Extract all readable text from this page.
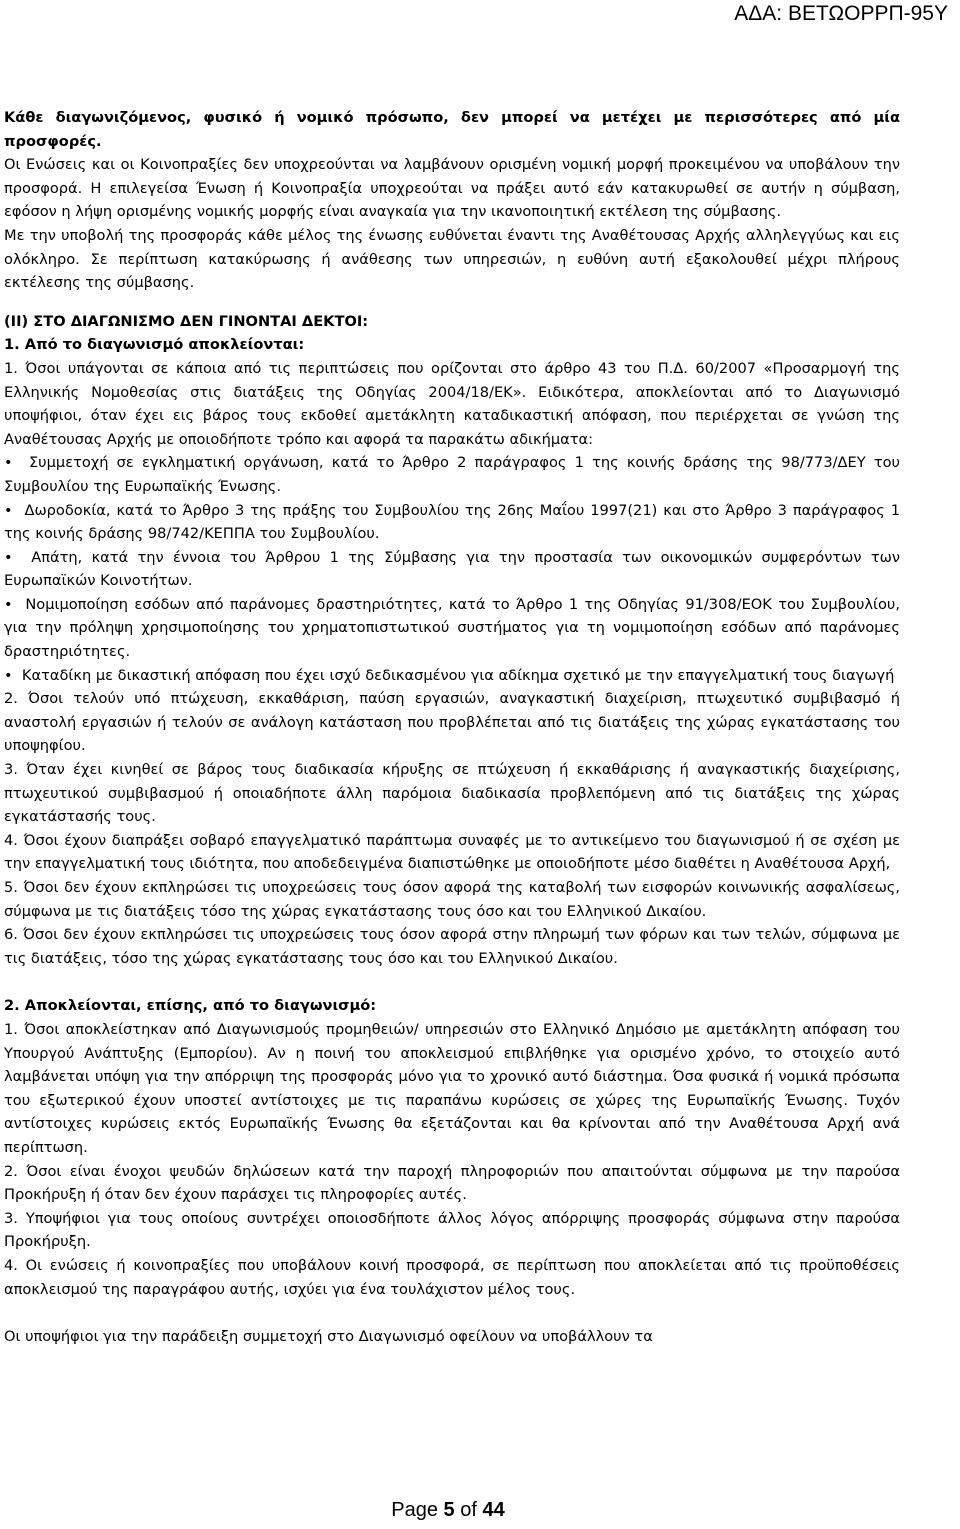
ΑΔΑ: ΒΕΤΩΟΡΡΠ-95Υ

Κάθε διαγωνιζόμενος, φυσικό ή νομικό πρόσωπο, δεν μπορεί να μετέχει με περισσότερες από μία προσφορές.

Οι Ενώσεις και οι Κοινοπραξίες δεν υποχρεούνται να λαμβάνουν ορισμένη νομική μορφή προκειμένου να υποβάλουν την προσφορά. Η επιλεγείσα Ένωση ή Κοινοπραξία υποχρεούται να πράξει αυτό εάν κατακυρωθεί σε αυτήν η σύμβαση, εφόσον η λήψη ορισμένης νομικής μορφής είναι αναγκαία για την ικανοποιητική εκτέλεση της σύμβασης.

Με την υποβολή της προσφοράς κάθε μέλος της ένωσης ευθύνεται έναντι της Αναθέτουσας Αρχής αλληλεγγύως και εις ολόκληρο. Σε περίπτωση κατακύρωσης ή ανάθεσης των υπηρεσιών, η ευθύνη αυτή εξακολουθεί μέχρι πλήρους εκτέλεσης της σύμβασης.

(ΙΙ) ΣΤΟ ΔΙΑΓΩΝΙΣΜΟ ΔΕΝ ΓΙΝΟΝΤΑΙ ΔΕΚΤΟΙ:

1. Από το διαγωνισμό αποκλείονται:

1. Όσοι υπάγονται σε κάποια από τις περιπτώσεις που ορίζονται στο άρθρο 43 του Π.Δ. 60/2007 «Προσαρμογή της Ελληνικής Νομοθεσίας στις διατάξεις της Οδηγίας 2004/18/ΕΚ». Ειδικότερα, αποκλείονται από το Διαγωνισμό υποψήφιοι, όταν έχει εις βάρος τους εκδοθεί αμετάκλητη καταδικαστική απόφαση, που περιέρχεται σε γνώση της Αναθέτουσας Αρχής με οποιοδήποτε τρόπο και αφορά τα παρακάτω αδικήματα:

•  Συμμετοχή σε εγκληματική οργάνωση, κατά το Άρθρο 2 παράγραφος 1 της κοινής δράσης της 98/773/ΔΕΥ του Συμβουλίου της Ευρωπαϊκής Ένωσης.

•  Δωροδοκία, κατά το Άρθρο 3 της πράξης του Συμβουλίου της 26ης Μαΐου 1997(21) και στο Άρθρο 3 παράγραφος 1 της κοινής δράσης 98/742/ΚΕΠΠΑ του Συμβουλίου.

•  Απάτη, κατά την έννοια του Άρθρου 1 της Σύμβασης για την προστασία των οικονομικών συμφερόντων των Ευρωπαϊκών Κοινοτήτων.

•  Νομιμοποίηση εσόδων από παράνομες δραστηριότητες, κατά το Άρθρο 1 της Οδηγίας 91/308/ΕΟΚ του Συμβουλίου, για την πρόληψη χρησιμοποίησης του χρηματοπιστωτικού συστήματος για τη νομιμοποίηση εσόδων από παράνομες δραστηριότητες.

•  Καταδίκη με δικαστική απόφαση που έχει ισχύ δεδικασμένου για αδίκημα σχετικό με την επαγγελματική τους διαγωγή

2. Όσοι τελούν υπό πτώχευση, εκκαθάριση, παύση εργασιών, αναγκαστική διαχείριση, πτωχευτικό συμβιβασμό ή αναστολή εργασιών ή τελούν σε ανάλογη κατάσταση που προβλέπεται από τις διατάξεις της χώρας εγκατάστασης του υποψηφίου.

3. Όταν έχει κινηθεί σε βάρος τους διαδικασία κήρυξης σε πτώχευση ή εκκαθάρισης ή αναγκαστικής διαχείρισης, πτωχευτικού συμβιβασμού ή οποιαδήποτε άλλη παρόμοια διαδικασία προβλεπόμενη από τις διατάξεις της χώρας εγκατάστασής τους.

4. Όσοι έχουν διαπράξει σοβαρό επαγγελματικό παράπτωμα συναφές με το αντικείμενο του διαγωνισμού ή σε σχέση με την επαγγελματική τους ιδιότητα, που αποδεδειγμένα διαπιστώθηκε με οποιοδήποτε μέσο διαθέτει η Αναθέτουσα Αρχή,

5. Όσοι δεν έχουν εκπληρώσει τις υποχρεώσεις τους όσον αφορά της καταβολή των εισφορών κοινωνικής ασφαλίσεως, σύμφωνα με τις διατάξεις τόσο της χώρας εγκατάστασης τους όσο και του Ελληνικού Δικαίου.

6. Όσοι δεν έχουν εκπληρώσει τις υποχρεώσεις τους όσον αφορά στην πληρωμή των φόρων και των τελών, σύμφωνα με τις διατάξεις, τόσο της χώρας εγκατάστασης τους όσο και του Ελληνικού Δικαίου.

2. Αποκλείονται, επίσης, από το διαγωνισμό:

1. Όσοι αποκλείστηκαν από Διαγωνισμούς προμηθειών/ υπηρεσιών στο Ελληνικό Δημόσιο με αμετάκλητη απόφαση του Υπουργού Ανάπτυξης (Εμπορίου). Αν η ποινή του αποκλεισμού επιβλήθηκε για ορισμένο χρόνο, το στοιχείο αυτό λαμβάνεται υπόψη για την απόρριψη της προσφοράς μόνο για το χρονικό αυτό διάστημα. Όσα φυσικά ή νομικά πρόσωπα του εξωτερικού έχουν υποστεί αντίστοιχες με τις παραπάνω κυρώσεις σε χώρες της Ευρωπαϊκής Ένωσης. Τυχόν αντίστοιχες κυρώσεις εκτός Ευρωπαϊκής Ένωσης θα εξετάζονται και θα κρίνονται από την Αναθέτουσα Αρχή ανά περίπτωση.

2. Όσοι είναι ένοχοι ψευδών δηλώσεων κατά την παροχή πληροφοριών που απαιτούνται σύμφωνα με την παρούσα Προκήρυξη ή όταν δεν έχουν παράσχει τις πληροφορίες αυτές.

3. Υποψήφιοι για τους οποίους συντρέχει οποιοσδήποτε άλλος λόγος απόρριψης προσφοράς σύμφωνα στην παρούσα Προκήρυξη.

4. Οι ενώσεις ή κοινοπραξίες που υποβάλουν κοινή προσφορά, σε περίπτωση που αποκλείεται από τις προϋποθέσεις αποκλεισμού της παραγράφου αυτής, ισχύει για ένα τουλάχιστον μέλος τους.

Οι υποψήφιοι για την παράδειξη συμμετοχή στο Διαγωνισμό οφείλουν να υποβάλλουν τα

Page 5 of 44
